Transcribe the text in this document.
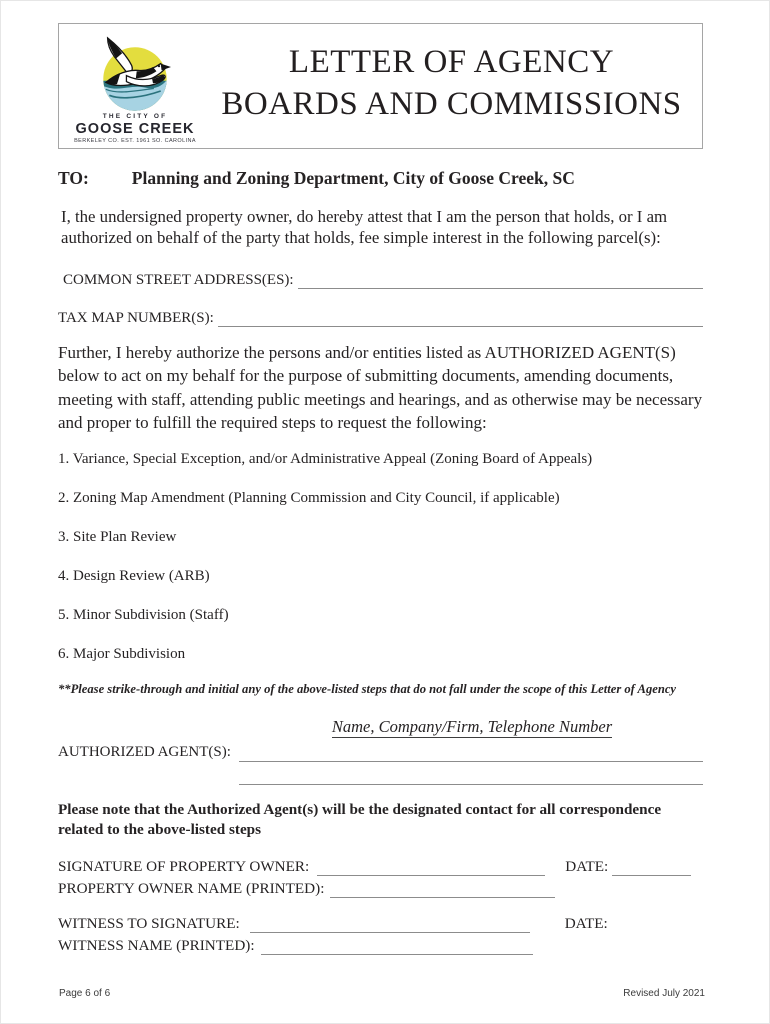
THE CITY OF
GOOSE CREEK
BERKELEY CO. EST. 1961 SO. CAROLINA
LETTER OF AGENCY
BOARDS AND COMMISSIONS
TO: Planning and Zoning Department, City of Goose Creek, SC

I, the undersigned property owner, do hereby attest that I am the person that holds, or I am authorized on behalf of the party that holds, fee simple interest in the following parcel(s):

COMMON STREET ADDRESS(ES):
TAX MAP NUMBER(S):

Further, I hereby authorize the persons and/or entities listed as AUTHORIZED AGENT(S) below to act on my behalf for the purpose of submitting documents, amending documents, meeting with staff, attending public meetings and hearings, and as otherwise may be necessary and proper to fulfill the required steps to request the following:

1. Variance, Special Exception, and/or Administrative Appeal (Zoning Board of Appeals)
2. Zoning Map Amendment (Planning Commission and City Council, if applicable)
3. Site Plan Review
4. Design Review (ARB)
5. Minor Subdivision (Staff)
6. Major Subdivision

**Please strike-through and initial any of the above-listed steps that do not fall under the scope of this Letter of Agency

Name, Company/Firm, Telephone Number
AUTHORIZED AGENT(S):

Please note that the Authorized Agent(s) will be the designated contact for all correspondence related to the above-listed steps

SIGNATURE OF PROPERTY OWNER:	DATE:
PROPERTY OWNER NAME (PRINTED):
WITNESS TO SIGNATURE:	DATE:
WITNESS NAME (PRINTED):
Page 6 of 6	Revised July 2021
